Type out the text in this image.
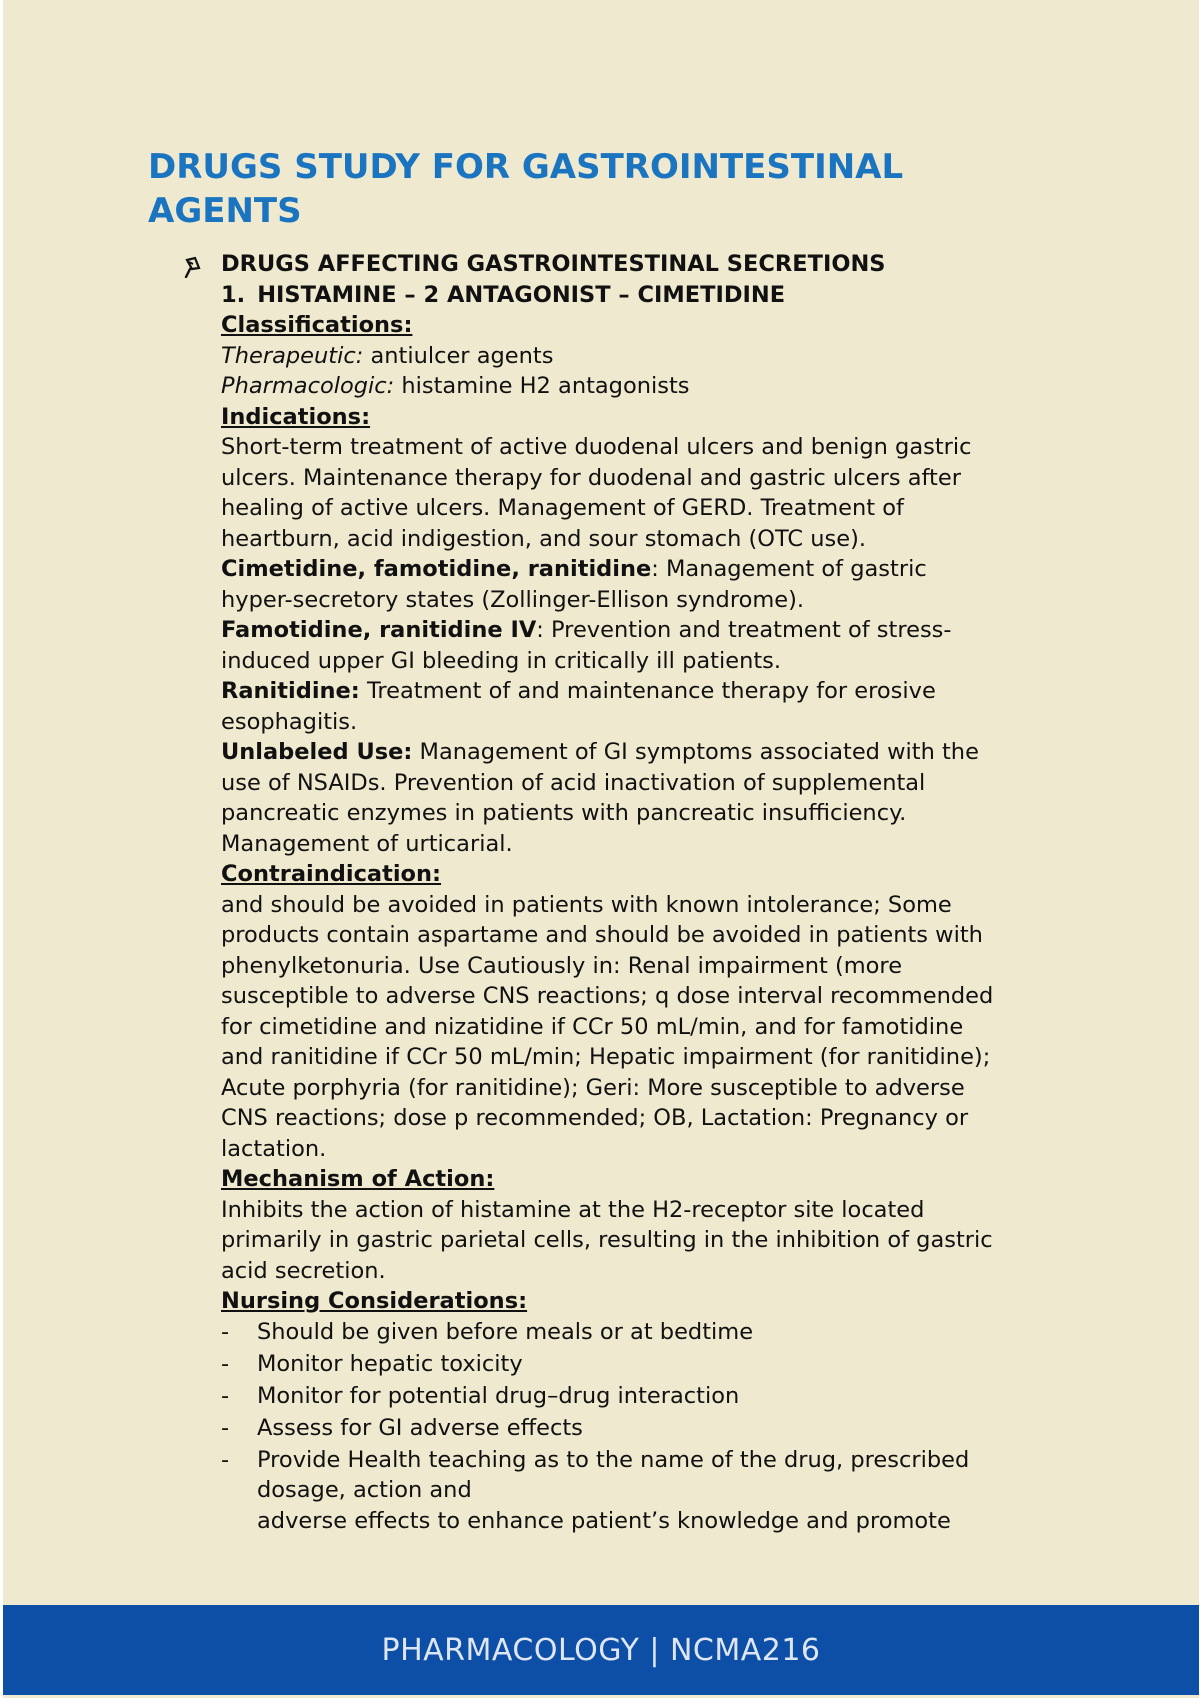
DRUGS STUDY FOR GASTROINTESTINAL AGENTS
DRUGS AFFECTING GASTROINTESTINAL SECRETIONS
1. HISTAMINE – 2 ANTAGONIST – CIMETIDINE
Classifications:
Therapeutic: antiulcer agents
Pharmacologic: histamine H2 antagonists
Indications:
Short-term treatment of active duodenal ulcers and benign gastric
ulcers. Maintenance therapy for duodenal and gastric ulcers after
healing of active ulcers. Management of GERD. Treatment of
heartburn, acid indigestion, and sour stomach (OTC use).
Cimetidine, famotidine, ranitidine: Management of gastric
hyper-secretory states (Zollinger-Ellison syndrome).
Famotidine, ranitidine IV: Prevention and treatment of stress-
induced upper GI bleeding in critically ill patients.
Ranitidine: Treatment of and maintenance therapy for erosive
esophagitis.
Unlabeled Use: Management of GI symptoms associated with the
use of NSAIDs. Prevention of acid inactivation of supplemental
pancreatic enzymes in patients with pancreatic insufficiency.
Management of urticarial.
Contraindication:
and should be avoided in patients with known intolerance; Some
products contain aspartame and should be avoided in patients with
phenylketonuria. Use Cautiously in: Renal impairment (more
susceptible to adverse CNS reactions; q dose interval recommended
for cimetidine and nizatidine if CCr 50 mL/min, and for famotidine
and ranitidine if CCr 50 mL/min; Hepatic impairment (for ranitidine);
Acute porphyria (for ranitidine); Geri: More susceptible to adverse
CNS reactions; dose p recommended; OB, Lactation: Pregnancy or
lactation.
Mechanism of Action:
Inhibits the action of histamine at the H2-receptor site located
primarily in gastric parietal cells, resulting in the inhibition of gastric
acid secretion.
Nursing Considerations:
- Should be given before meals or at bedtime
- Monitor hepatic toxicity
- Monitor for potential drug–drug interaction
- Assess for GI adverse effects
- Provide Health teaching as to the name of the drug, prescribed
dosage, action and
adverse effects to enhance patient’s knowledge and promote
PHARMACOLOGY | NCMA216
